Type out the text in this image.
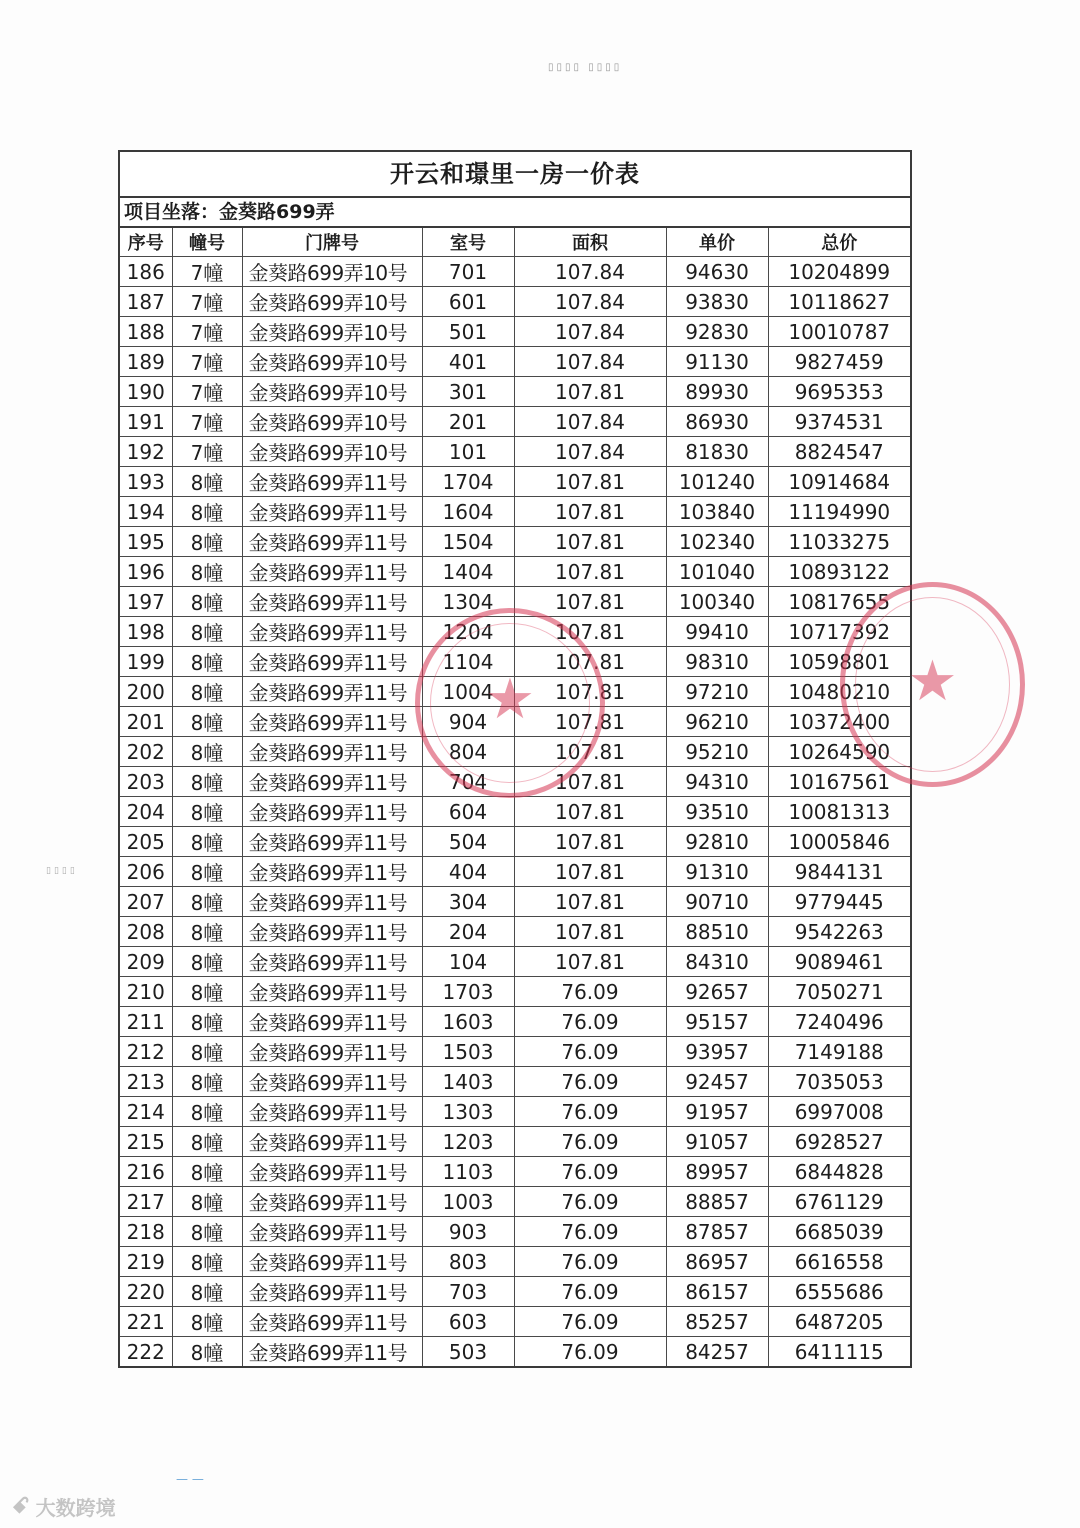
▯▯▯▯ ▯▯▯▯
▯▯▯▯
开云和璟里一房一价表
项目坐落：金葵路699弄
序号	幢号	门牌号	室号	面积	单价	总价
186	7幢	金葵路699弄10号	701	107.84	94630	10204899
187	7幢	金葵路699弄10号	601	107.84	93830	10118627
188	7幢	金葵路699弄10号	501	107.84	92830	10010787
189	7幢	金葵路699弄10号	401	107.84	91130	9827459
190	7幢	金葵路699弄10号	301	107.81	89930	9695353
191	7幢	金葵路699弄10号	201	107.84	86930	9374531
192	7幢	金葵路699弄10号	101	107.84	81830	8824547
193	8幢	金葵路699弄11号	1704	107.81	101240	10914684
194	8幢	金葵路699弄11号	1604	107.81	103840	11194990
195	8幢	金葵路699弄11号	1504	107.81	102340	11033275
196	8幢	金葵路699弄11号	1404	107.81	101040	10893122
197	8幢	金葵路699弄11号	1304	107.81	100340	10817655
198	8幢	金葵路699弄11号	1204	107.81	99410	10717392
199	8幢	金葵路699弄11号	1104	107.81	98310	10598801
200	8幢	金葵路699弄11号	1004	107.81	97210	10480210
201	8幢	金葵路699弄11号	904	107.81	96210	10372400
202	8幢	金葵路699弄11号	804	107.81	95210	10264590
203	8幢	金葵路699弄11号	704	107.81	94310	10167561
204	8幢	金葵路699弄11号	604	107.81	93510	10081313
205	8幢	金葵路699弄11号	504	107.81	92810	10005846
206	8幢	金葵路699弄11号	404	107.81	91310	9844131
207	8幢	金葵路699弄11号	304	107.81	90710	9779445
208	8幢	金葵路699弄11号	204	107.81	88510	9542263
209	8幢	金葵路699弄11号	104	107.81	84310	9089461
210	8幢	金葵路699弄11号	1703	76.09	92657	7050271
211	8幢	金葵路699弄11号	1603	76.09	95157	7240496
212	8幢	金葵路699弄11号	1503	76.09	93957	7149188
213	8幢	金葵路699弄11号	1403	76.09	92457	7035053
214	8幢	金葵路699弄11号	1303	76.09	91957	6997008
215	8幢	金葵路699弄11号	1203	76.09	91057	6928527
216	8幢	金葵路699弄11号	1103	76.09	89957	6844828
217	8幢	金葵路699弄11号	1003	76.09	88857	6761129
218	8幢	金葵路699弄11号	903	76.09	87857	6685039
219	8幢	金葵路699弄11号	803	76.09	86957	6616558
220	8幢	金葵路699弄11号	703	76.09	86157	6555686
221	8幢	金葵路699弄11号	603	76.09	85257	6487205
222	8幢	金葵路699弄11号	503	76.09	84257	6411115
★	★
— —
ꗃ 大数跨境
